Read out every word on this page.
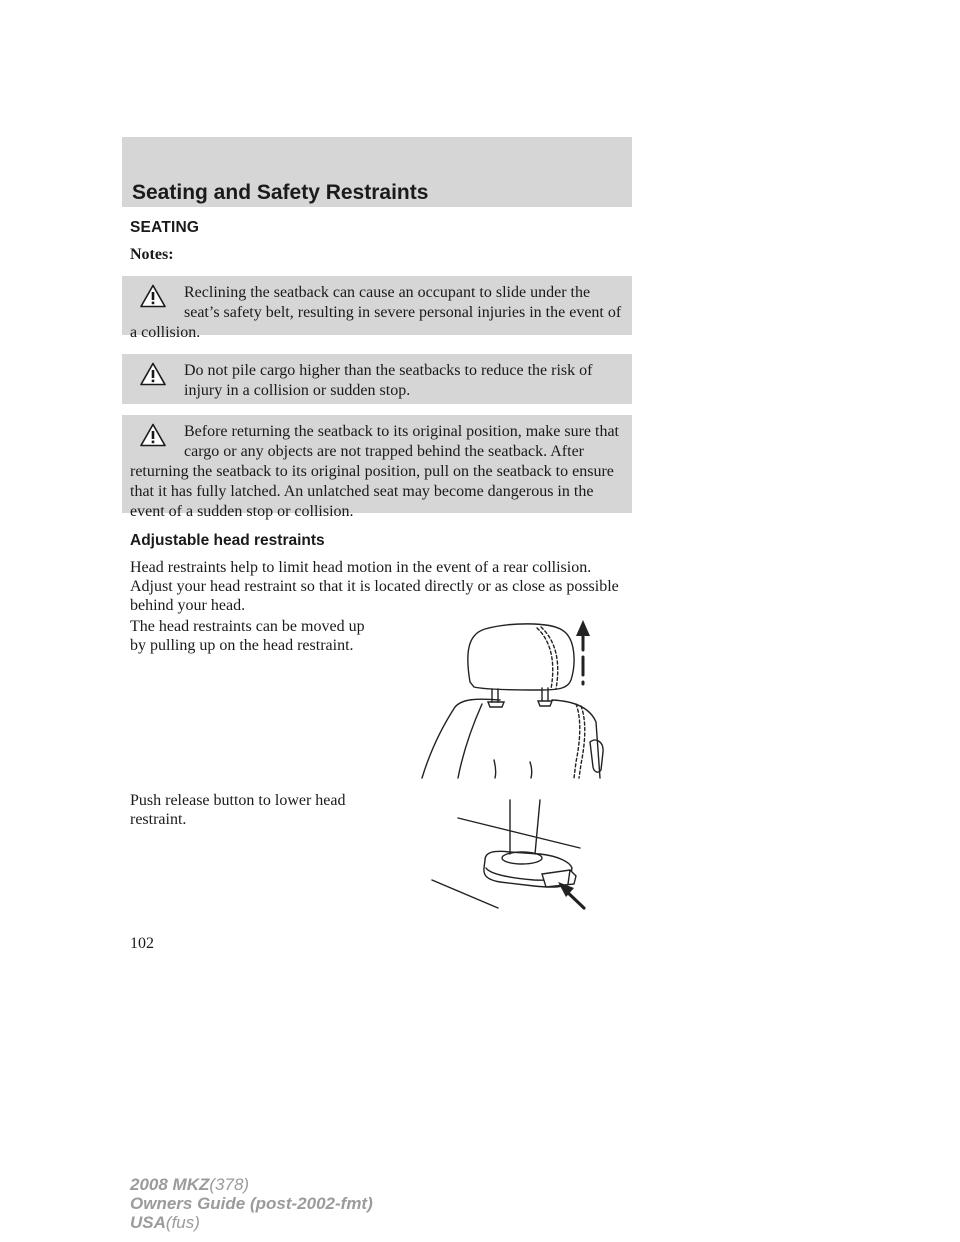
Seating and Safety Restraints
SEATING
Notes:

Reclining the seatback can cause an occupant to slide under the seat’s safety belt, resulting in severe personal injuries in the event of a collision.

Do not pile cargo higher than the seatbacks to reduce the risk of injury in a collision or sudden stop.

Before returning the seatback to its original position, make sure that cargo or any objects are not trapped behind the seatback. After returning the seatback to its original position, pull on the seatback to ensure that it has fully latched. An unlatched seat may become dangerous in the event of a sudden stop or collision.

Adjustable head restraints

Head restraints help to limit head motion in the event of a rear collision. Adjust your head restraint so that it is located directly or as close as possible behind your head.

The head restraints can be moved up by pulling up on the head restraint.

Push release button to lower head restraint.

102
2008 MKZ(378)
Owners Guide (post-2002-fmt)
USA(fus)
